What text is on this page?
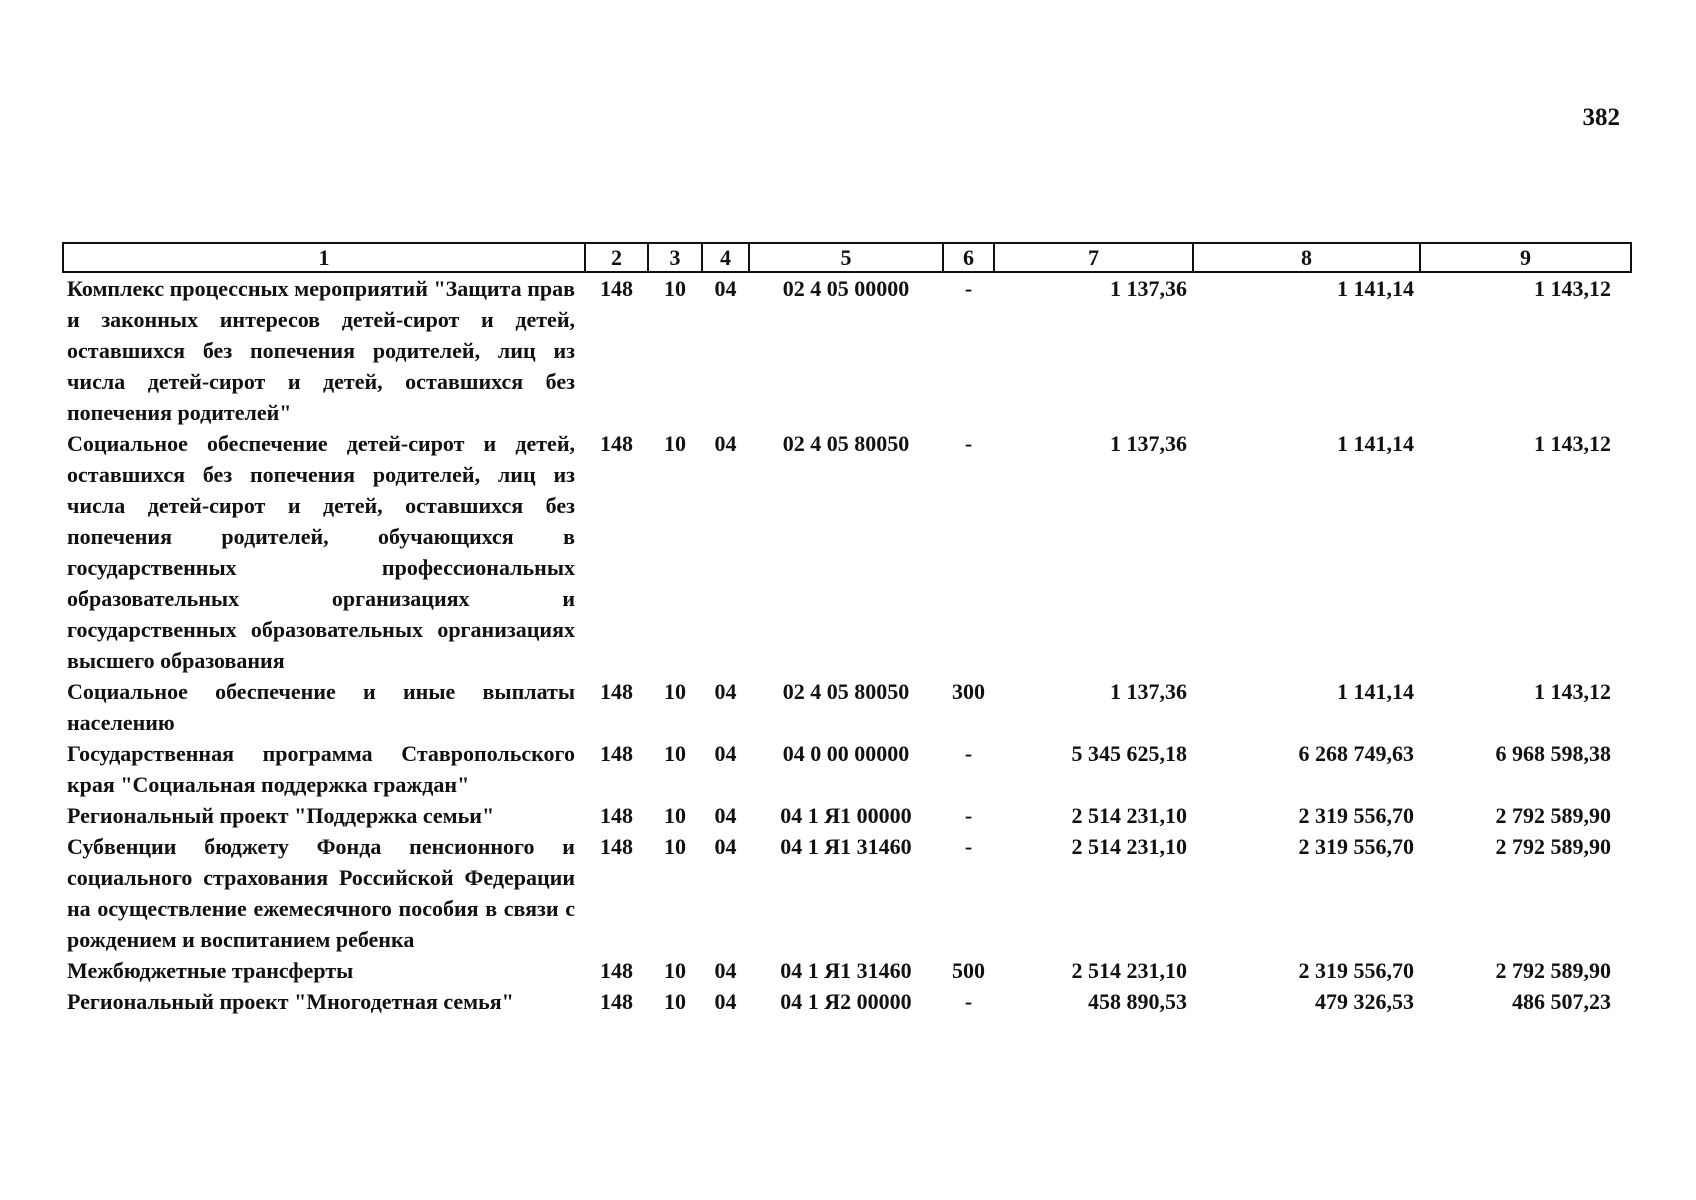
382
1	2	3	4	5	6	7	8	9
Комплекс процессных мероприятий "Защита прав и законных интересов детей-сирот и детей, оставшихся без попечения родителей, лиц из числа детей-сирот и детей, оставшихся без попечения родителей"	148	10	04	02 4 05 00000	-	1 137,36	1 141,14	1 143,12
Социальное обеспечение детей-сирот и детей, оставшихся без попечения родителей, лиц из числа детей-сирот и детей, оставшихся без попечения родителей, обучающихся в государственных профессиональных образовательных организациях и государственных образовательных организациях высшего образования	148	10	04	02 4 05 80050	-	1 137,36	1 141,14	1 143,12
Социальное обеспечение и иные выплаты населению	148	10	04	02 4 05 80050	300	1 137,36	1 141,14	1 143,12
Государственная программа Ставропольского края "Социальная поддержка граждан"	148	10	04	04 0 00 00000	-	5 345 625,18	6 268 749,63	6 968 598,38
Региональный проект "Поддержка семьи"	148	10	04	04 1 Я1 00000	-	2 514 231,10	2 319 556,70	2 792 589,90
Субвенции бюджету Фонда пенсионного и социального страхования Российской Федерации на осуществление ежемесячного пособия в связи с рождением и воспитанием ребенка	148	10	04	04 1 Я1 31460	-	2 514 231,10	2 319 556,70	2 792 589,90
Межбюджетные трансферты	148	10	04	04 1 Я1 31460	500	2 514 231,10	2 319 556,70	2 792 589,90
Региональный проект "Многодетная семья"	148	10	04	04 1 Я2 00000	-	458 890,53	479 326,53	486 507,23
